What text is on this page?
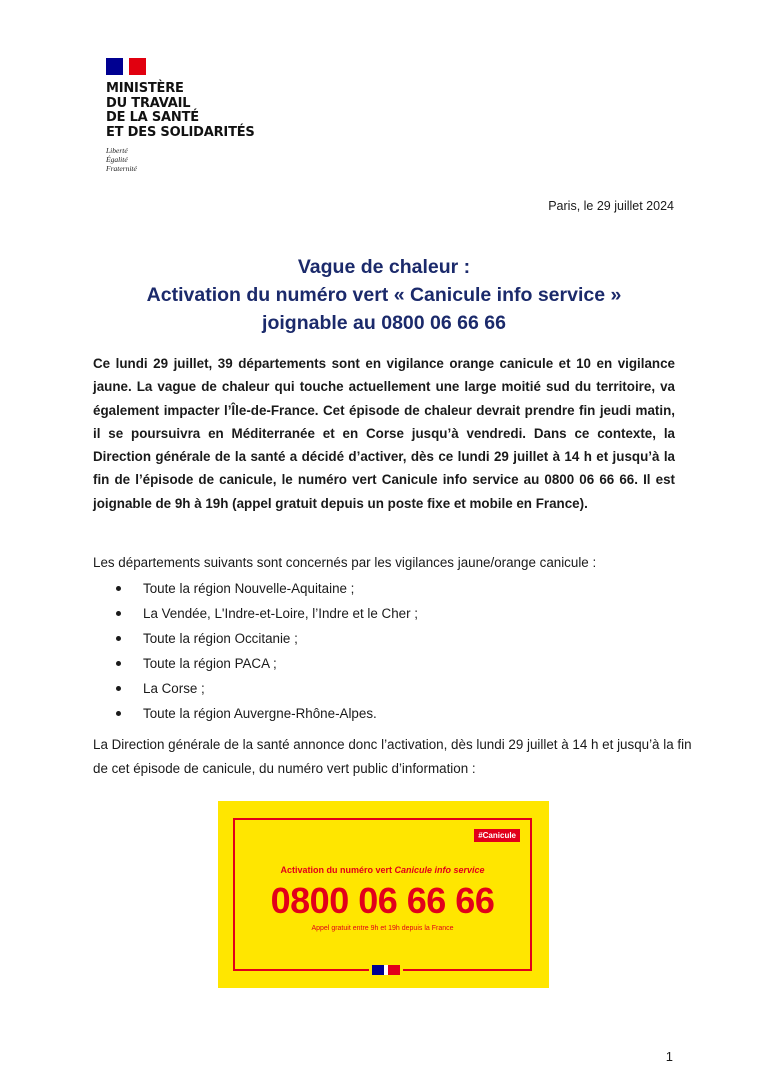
MINISTÈRE
DU TRAVAIL
DE LA SANTÉ
ET DES SOLIDARITÉS
Liberté
Égalité
Fraternité
Paris, le 29 juillet 2024
Vague de chaleur :
Activation du numéro vert « Canicule info service »
joignable au 0800 06 66 66
Ce lundi 29 juillet, 39 départements sont en vigilance orange canicule et 10 en vigilance jaune. La vague de chaleur qui touche actuellement une large moitié sud du territoire, va également impacter l’Île-de-France. Cet épisode de chaleur devrait prendre fin jeudi matin, il se poursuivra en Méditerranée et en Corse jusqu’à vendredi. Dans ce contexte, la Direction générale de la santé a décidé d’activer, dès ce lundi 29 juillet à 14 h et jusqu’à la fin de l’épisode de canicule, le numéro vert Canicule info service au 0800 06 66 66. Il est joignable de 9h à 19h (appel gratuit depuis un poste fixe et mobile en France).
Les départements suivants sont concernés par les vigilances jaune/orange canicule :
Toute la région Nouvelle-Aquitaine ;
La Vendée, L'Indre-et-Loire, l’Indre et le Cher ;
Toute la région Occitanie ;
Toute la région PACA ;
La Corse ;
Toute la région Auvergne-Rhône-Alpes.
La Direction générale de la santé annonce donc l’activation, dès lundi 29 juillet à 14 h et jusqu’à la fin de cet épisode de canicule, du numéro vert public d’information :
#Canicule
Activation du numéro vert Canicule info service
0800 06 66 66
Appel gratuit entre 9h et 19h depuis la France
1
